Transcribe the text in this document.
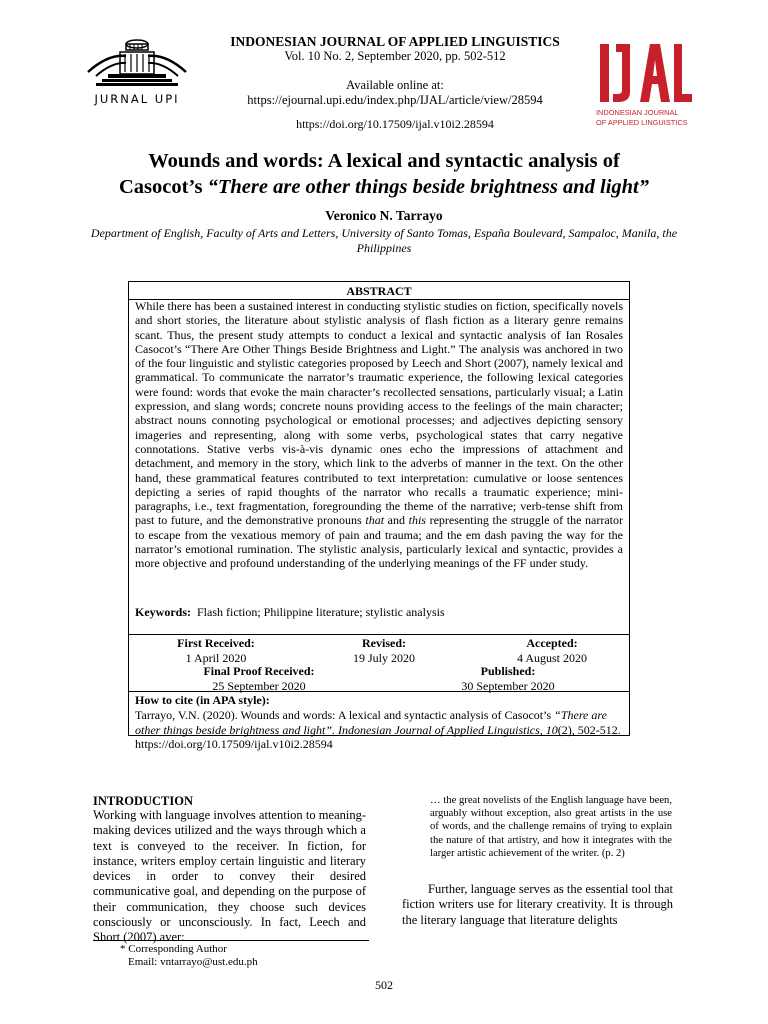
JURNAL UPI
INDONESIAN JOURNAL OF APPLIED LINGUISTICS
Vol. 10 No. 2, September 2020, pp. 502-512
Available online at:
https://ejournal.upi.edu/index.php/IJAL/article/view/28594
INDONESIAN JOURNAL
OF APPLIED LINGUISTICS
https://doi.org/10.17509/ijal.v10i2.28594
Wounds and words: A lexical and syntactic analysis of
Casocot’s “There are other things beside brightness and light”
Veronico N. Tarrayo
Department of English, Faculty of Arts and Letters, University of Santo Tomas, España Boulevard, Sampaloc, Manila, the Philippines
ABSTRACT
While there has been a sustained interest in conducting stylistic studies on fiction, specifically novels and short stories, the literature about stylistic analysis of flash fiction as a literary genre remains scant. Thus, the present study attempts to conduct a lexical and syntactic analysis of Ian Rosales Casocot’s “There Are Other Things Beside Brightness and Light.” The analysis was anchored in two of the four linguistic and stylistic categories proposed by Leech and Short (2007), namely lexical and grammatical. To communicate the narrator’s traumatic experience, the following lexical categories were found: words that evoke the main character’s recollected sensations, particularly visual; a Latin expression, and slang words; concrete nouns providing access to the feelings of the main character; abstract nouns connoting psychological or emotional processes; and adjectives depicting sensory imageries and representing, along with some verbs, psychological states that carry negative connotations. Stative verbs vis-à-vis dynamic ones echo the impressions of attachment and detachment, and memory in the story, which link to the adverbs of manner in the text. On the other hand, these grammatical features contributed to text interpretation: cumulative or loose sentences depicting a series of rapid thoughts of the narrator who recalls a traumatic experience; mini-paragraphs, i.e., text fragmentation, foregrounding the theme of the narrative; verb-tense shift from past to future, and the demonstrative pronouns that and this representing the struggle of the narrator to escape from the vexatious memory of pain and trauma; and the em dash paving the way for the narrator’s emotional rumination. The stylistic analysis, particularly lexical and syntactic, provides a more objective and profound understanding of the underlying meanings of the FF under study.
Keywords: Flash fiction; Philippine literature; stylistic analysis
First Received:
1 April 2020
Revised:
19 July 2020
Accepted:
4 August 2020
Final Proof Received:
25 September 2020
Published:
30 September 2020
How to cite (in APA style):
Tarrayo, V.N. (2020). Wounds and words: A lexical and syntactic analysis of Casocot’s “There are other things beside brightness and light”. Indonesian Journal of Applied Linguistics, 10(2), 502-512. https://doi.org/10.17509/ijal.v10i2.28594
INTRODUCTION
Working with language involves attention to meaning-making devices utilized and the ways through which a text is conveyed to the receiver. In fiction, for instance, writers employ certain linguistic and literary devices in order to convey their desired communicative goal, and depending on the purpose of their communication, they choose such devices consciously or unconsciously. In fact, Leech and Short (2007) aver:
… the great novelists of the English language have been, arguably without exception, also great artists in the use of words, and the challenge remains of trying to explain the nature of that artistry, and how it integrates with the larger artistic achievement of the writer. (p. 2)
Further, language serves as the essential tool that fiction writers use for literary creativity. It is through the literary language that literature delights
* Corresponding Author
Email: vntarrayo@ust.edu.ph
502
